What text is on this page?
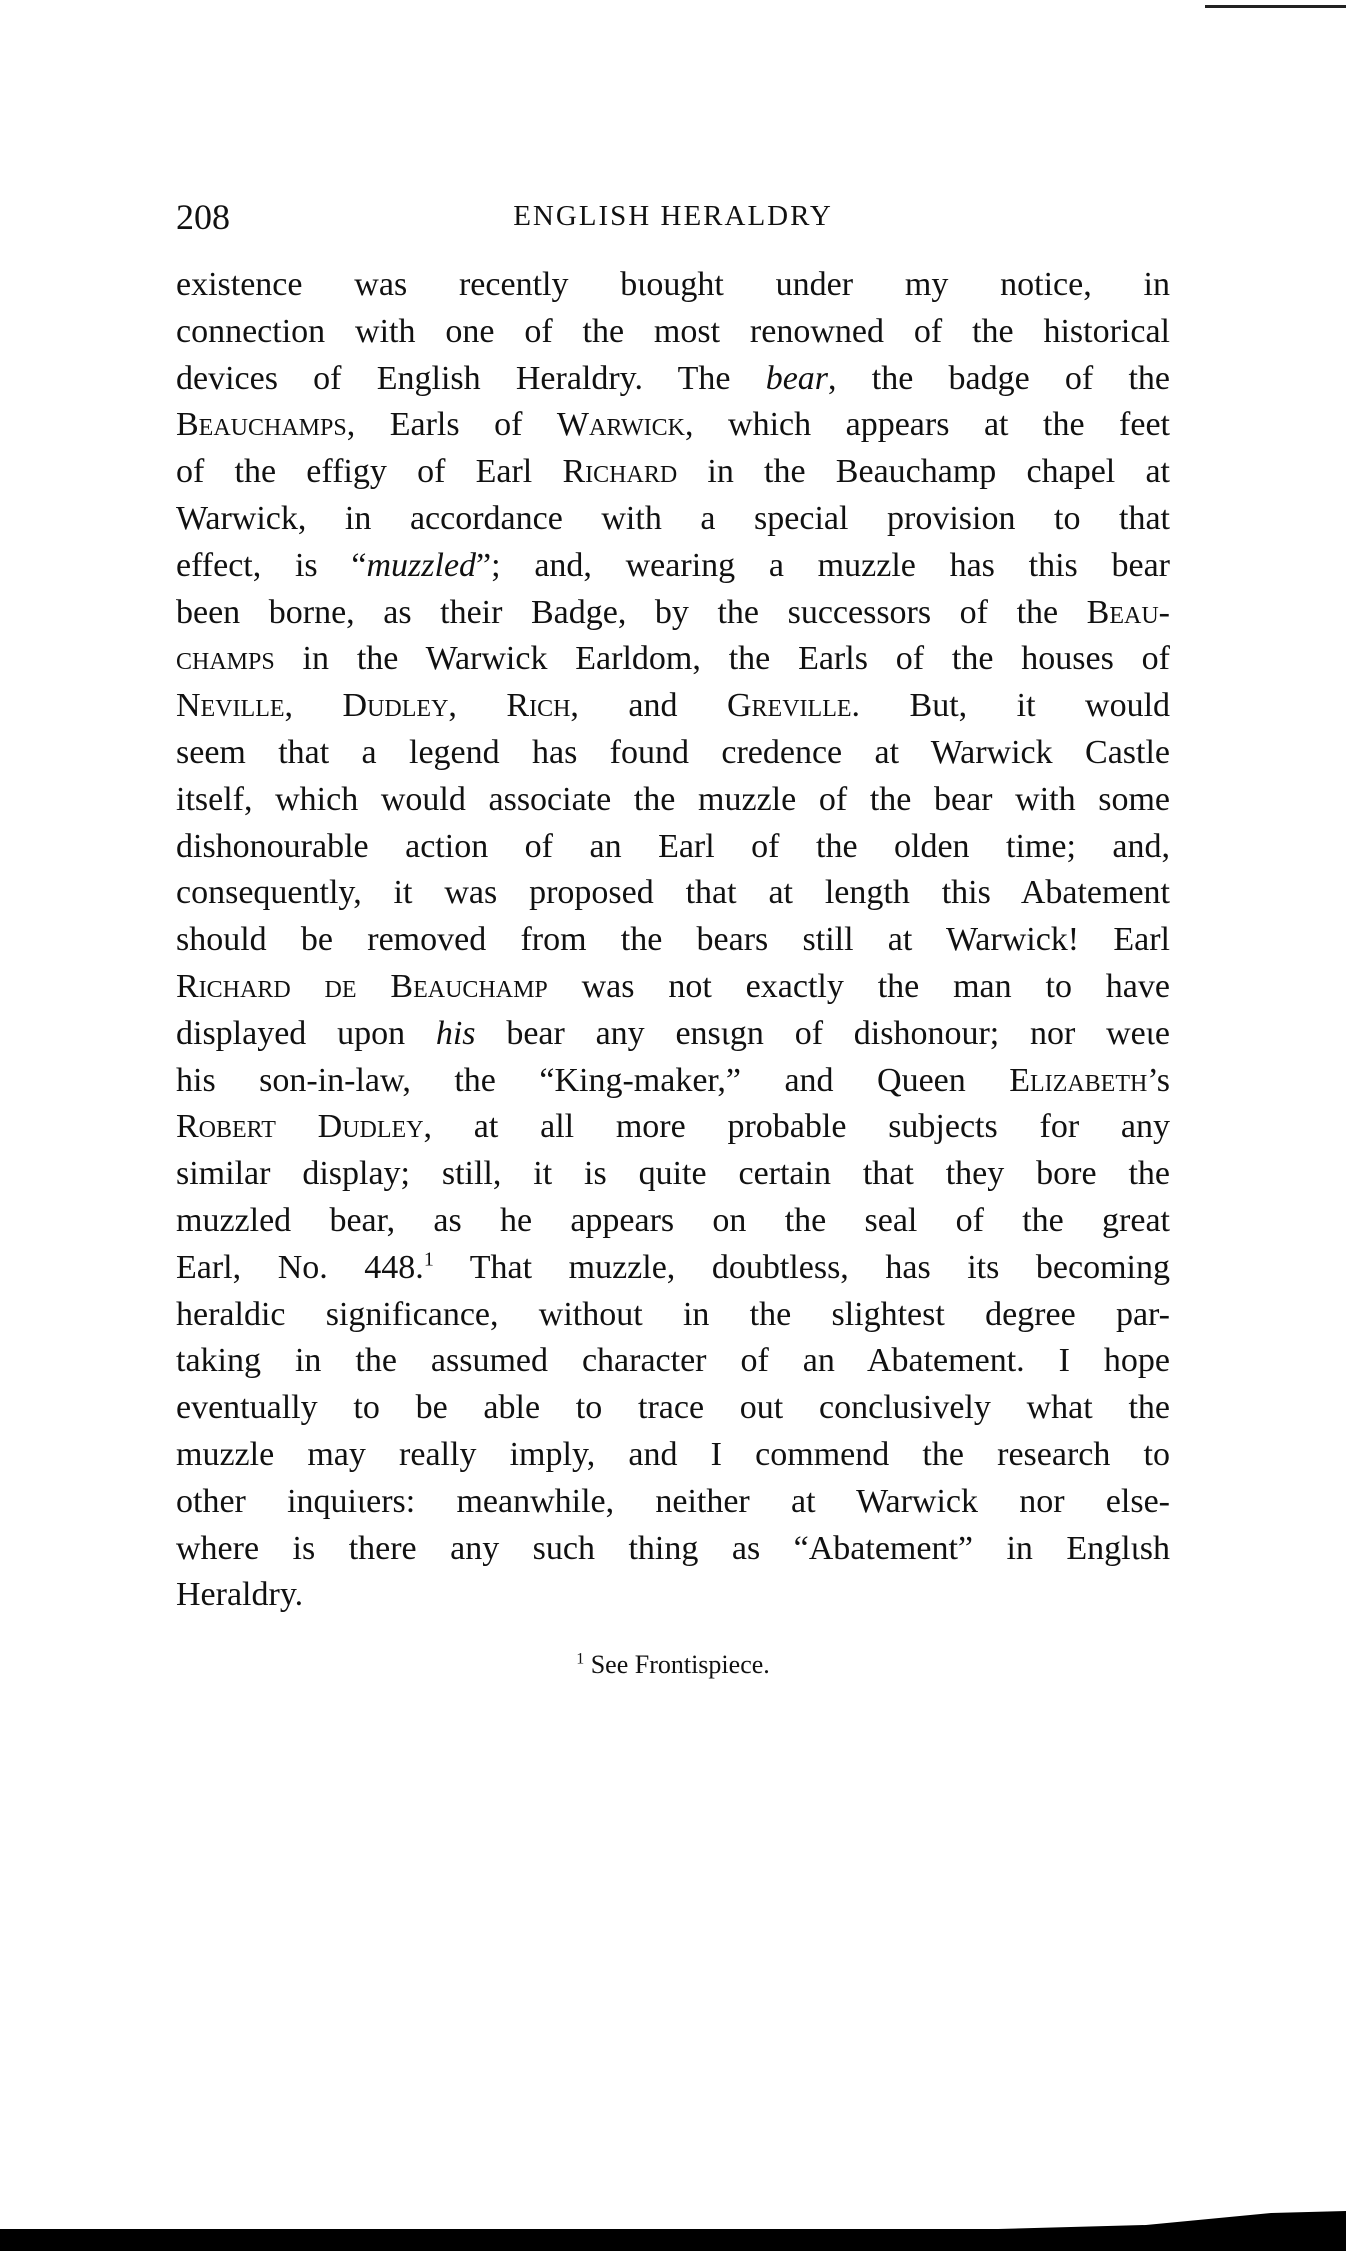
208	ENGLISH HERALDRY
existence was recently bιought under my notice, in
connection with one of the most renowned of the historical
devices of English Heraldry. The bear, the badge of the
Beauchamps, Earls of Warwick, which appears at the feet
of the effigy of Earl Richard in the Beauchamp chapel at
Warwick, in accordance with a special provision to that
effect, is “muzzled”; and, wearing a muzzle has this bear
been borne, as their Badge, by the successors of the Beau-
champs in the Warwick Earldom, the Earls of the houses of
Neville, Dudley, Rich, and Greville. But, it would
seem that a legend has found credence at Warwick Castle
itself, which would associate the muzzle of the bear with some
dishonourable action of an Earl of the olden time; and,
consequently, it was proposed that at length this Abatement
should be removed from the bears still at Warwick! Earl
Richard de Beauchamp was not exactly the man to have
displayed upon his bear any ensιgn of dishonour; nor weιe
his son-in-law, the “King-maker,” and Queen Elizabeth’s
Robert Dudley, at all more probable subjects for any
similar display; still, it is quite certain that they bore the
muzzled bear, as he appears on the seal of the great
Earl, No. 448.$^1$ That muzzle, doubtless, has its becoming
heraldic significance, without in the slightest degree par-
taking in the assumed character of an Abatement. I hope
eventually to be able to trace out conclusively what the
muzzle may really imply, and I commend the research to
other inquiιers: meanwhile, neither at Warwick nor else-
where is there any such thing as “Abatement” in Englιsh
Heraldry.
$^1$ See Frontispiece.
